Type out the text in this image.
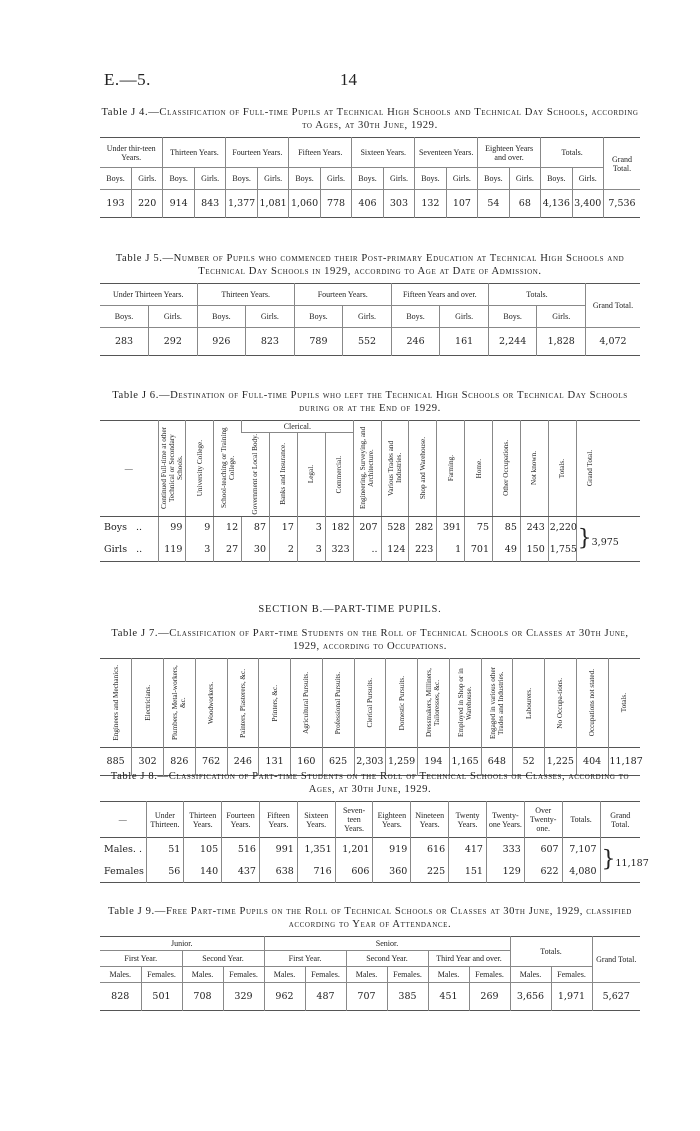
E.—5.	14
Table J 4.—Classification of Full-time Pupils at Technical High Schools and Technical Day Schools, according to Ages, at 30th June, 1929.
Under thir-teen Years.		Thirteen Years.		Fourteen Years.		Fifteen Years.		Sixteen Years.		Seventeen Years.		Eighteen Years and over.		Totals.		Grand Total.
Boys.	Girls.	Boys.	Girls.	Boys.	Girls.	Boys.	Girls.	Boys.	Girls.	Boys.	Girls.	Boys.	Girls.	Boys.	Girls.	
193	220	914	843	1,377	1,081	1,060	778	406	303	132	107	54	68	4,136	3,400	7,536
Table J 5.—Number of Pupils who commenced their Post-primary Education at Technical High Schools and Technical Day Schools in 1929, according to Age at Date of Admission.
Under Thirteen Years.		Thirteen Years.		Fourteen Years.		Fifteen Years and over.		Totals.		Grand Total.
Boys.	Girls.	Boys.	Girls.	Boys.	Girls.	Boys.	Girls.	Boys.	Girls.	
283	292	926	823	789	552	246	161	2,244	1,828	4,072
Table J 6.—Destination of Full-time Pupils who left the Technical High Schools or Technical Day Schools during or at the End of 1929.
—	Continued Full-time at other Technical or Secondary Schools.	University College.	School-teaching or Training College.	Clerical.				Engineering, Surveying, and Architecture.	Various Trades and Industries.	Shop and Warehouse.	Farming.	Home.	Other Occupations.	Not known.	Totals.	Grand Total.

				Government or Local Body.	Banks and Insurance.	Legal.	Commercial.									

Boys ..	99	9	12	87	17	3	182	207	528	282	391	75	85	243	2,220	}3,975
Girls ..	119	3	27	30	2	3	323	..	124	223	1	701	49	150	1,755	
SECTION B.—PART-TIME PUPILS.
Table J 7.—Classification of Part-time Students on the Roll of Technical Schools or Classes at 30th June, 1929, according to Occupations.
Engineers and Mechanics.	Electricians.	Plumbers, Metal-workers, &c.	Woodworkers.	Painters, Plasterers, &c.	Printers, &c.	Agricultural Pursuits.	Professional Pursuits.	Clerical Pursuits.	Domestic Pursuits.	Dressmakers, Milliners, Tailoresses, &c.	Employed in Shop or in Warehouse.	Engaged in various other Trades and Industries.	Labourers.	No Occupa-tions.	Occupations not stated.	Totals.

885	302	826	762	246	131	160	625	2,303	1,259	194	1,165	648	52	1,225	404	11,187
Table J 8.—Classification of Part-time Students on the Roll of Technical Schools or Classes, according to Ages, at 30th June, 1929.
—	Under Thirteen.	Thirteen Years.	Fourteen Years.	Fifteen Years.	Sixteen Years.	Seven-teen Years.	Eighteen Years.	Nineteen Years.	Twenty Years.	Twenty-one Years.	Over Twenty-one.	Totals.	Grand Total.
Males. .	51	105	516	991	1,351	1,201	919	616	417	333	607	7,107	}11,187
Females	56	140	437	638	716	606	360	225	151	129	622	4,080	
Table J 9.—Free Part-time Pupils on the Roll of Technical Schools or Classes at 30th June, 1929, classified according to Year of Attendance.
Junior.				Senior.						Totals.		Grand Total.
First Year.		Second Year.		First Year.		Second Year.		Third Year and over.				
Males.	Females.	Males.	Females.	Males.	Females.	Males.	Females.	Males.	Females.	Males.	Females.	
828	501	708	329	962	487	707	385	451	269	3,656	1,971	5,627
